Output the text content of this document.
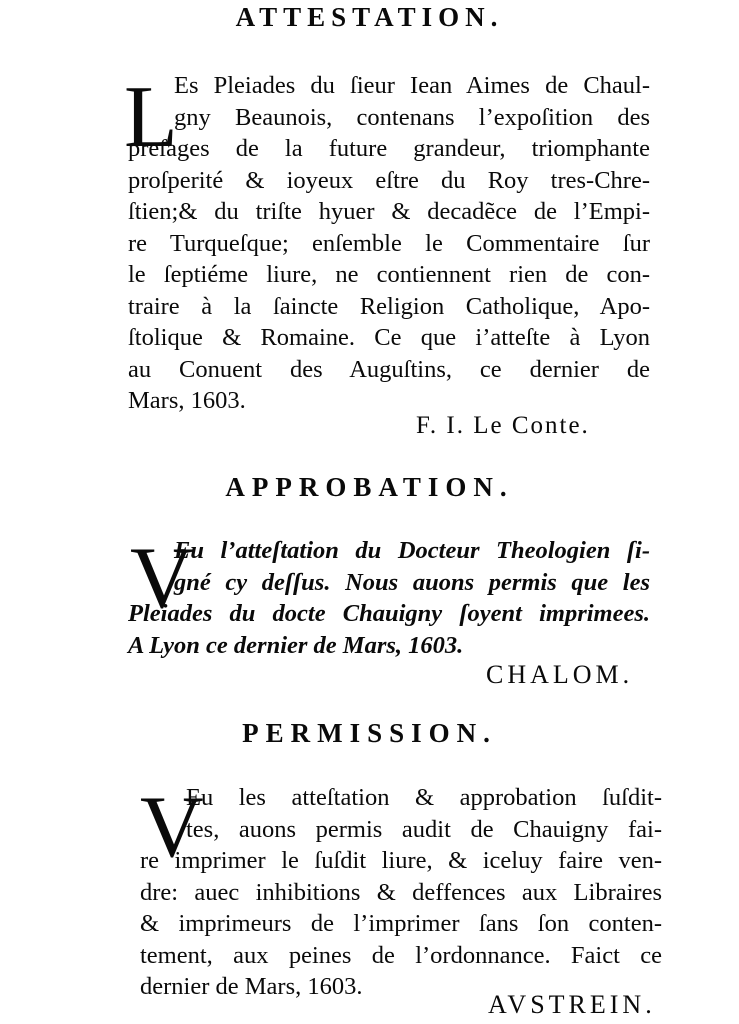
ATTESTATION.
L
Es Pleiades du ſieur Iean Aimes de Chaul-
gny Beaunois, contenans l’expoſition des
preſages de la future grandeur, triomphante
proſperité & ioyeux eſtre du Roy tres-Chre-
ſtien;& du triſte hyuer & decadẽce de l’Empi-
re Turqueſque; enſemble le Commentaire ſur
le ſeptiéme liure, ne contiennent rien de con-
traire à la ſaincte Religion Catholique, Apo-
ſtolique & Romaine. Ce que i’atteſte à Lyon
au Conuent des Auguſtins, ce dernier de
Mars, 1603.

F. I. Le Conte.

APPROBATION.
V
Eu l’atteſtation du Docteur Theologien ſi-
gné cy deſſus. Nous auons permis que les
Pleiades du docte Chauigny ſoyent imprimees.
A Lyon ce dernier de Mars, 1603.

CHALOM.

PERMISSION.
V
Eu les atteſtation & approbation ſuſdit-
tes, auons permis audit de Chauigny fai-
re imprimer le ſuſdit liure, & iceluy faire ven-
dre: auec inhibitions & deffences aux Libraires
& imprimeurs de l’imprimer ſans ſon conten-
tement, aux peines de l’ordonnance. Faict ce
dernier de Mars, 1603.

AVSTREIN.
